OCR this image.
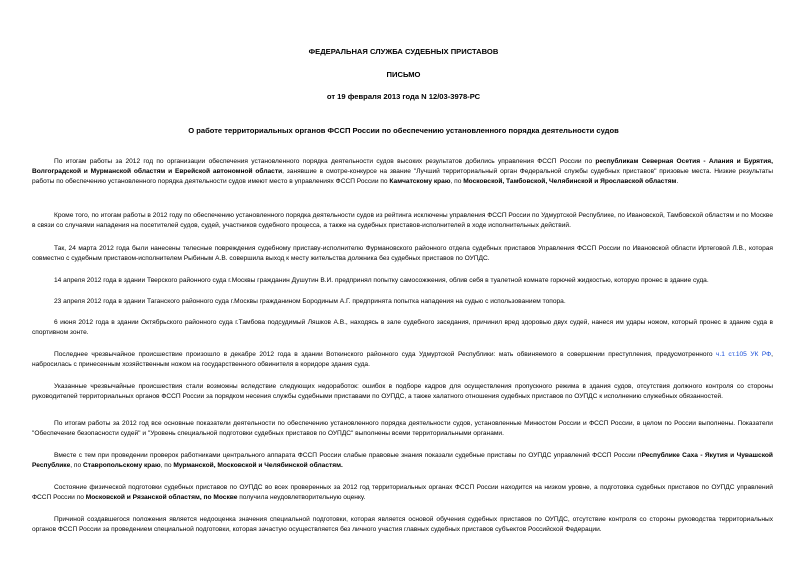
ФЕДЕРАЛЬНАЯ СЛУЖБА СУДЕБНЫХ ПРИСТАВОВ
ПИСЬМО
от 19 февраля 2013 года N 12/03-3978-РС
О работе территориальных органов ФССП России по обеспечению установленного порядка деятельности судов
По итогам работы за 2012 год по организации обеспечения установленного порядка деятельности судов высоких результатов добились управления ФССП России по республикам Северная Осетия - Алания и Бурятия, Волгоградской и Мурманской областям и Еврейской автономной области, занявшие в смотре-конкурсе на звание "Лучший территориальный орган Федеральной службы судебных приставов" призовые места. Низкие результаты работы по обеспечению установленного порядка деятельности судов имеют место в управлениях ФССП России по Камчатскому краю, по Московской, Тамбовской, Челябинской и Ярославской областям.
Кроме того, по итогам работы в 2012 году по обеспечению установленного порядка деятельности судов из рейтинга исключены управления ФССП России по Удмуртской Республике, по Ивановской, Тамбовской областям и по Москве в связи со случаями нападения на посетителей судов, судей, участников судебного процесса, а также на судебных приставов-исполнителей в ходе исполнительных действий.
Так, 24 марта 2012 года были нанесены телесные повреждения судебному приставу-исполнителю Фурмановского районного отдела судебных приставов Управления ФССП России по Ивановской области Иртеговой Л.В., которая совместно с судебным приставом-исполнителем Рыбиным А.В. совершила выход к месту жительства должника без судебных приставов по ОУПДС.
14 апреля 2012 года в здании Тверского районного суда г.Москвы гражданин Душутин В.И. предпринял попытку самосожжения, облив себя в туалетной комнате горючей жидкостью, которую пронес в здание суда.
23 апреля 2012 года в здании Таганского районного суда г.Москвы гражданином Бородиным А.Г. предпринята попытка нападения на судью с использованием топора.
6 июня 2012 года в здании Октябрьского районного суда г.Тамбова подсудимый Ляшков А.В., находясь в зале судебного заседания, причинил вред здоровью двух судей, нанеся им удары ножом, который пронес в здание суда в спортивном зонте.
Последнее чрезвычайное происшествие произошло в декабре 2012 года в здании Воткинского районного суда Удмуртской Республики: мать обвиняемого в совершении преступления, предусмотренного ч.1 ст.105 УК РФ, набросилась с принесенным хозяйственным ножом на государственного обвинителя в коридоре здания суда.
Указанные чрезвычайные происшествия стали возможны вследствие следующих недоработок: ошибок в подборе кадров для осуществления пропускного режима в здания судов, отсутствия должного контроля со стороны руководителей территориальных органов ФССП России за порядком несения службы судебными приставами по ОУПДС, а также халатного отношения судебных приставов по ОУПДС к исполнению служебных обязанностей.
По итогам работы за 2012 год все основные показатели деятельности по обеспечению установленного порядка деятельности судов, установленные Минюстом России и ФССП России, в целом по России выполнены. Показатели "Обеспечение безопасности судей" и "Уровень специальной подготовки судебных приставов по ОУПДС" выполнены всеми территориальными органами.
Вместе с тем при проведении проверок работниками центрального аппарата ФССП России слабые правовые знания показали судебные приставы по ОУПДС управлений ФССП России пРеспублике Саха - Якутия и Чувашской Республике, по Ставропольскому краю, по Мурманской, Московской и Челябинской областям.
Состояние физической подготовки судебных приставов по ОУПДС во всех проверенных за 2012 год территориальных органах ФССП России находится на низком уровне, а подготовка судебных приставов по ОУПДС управлений ФССП России по Московской и Рязанской областям, по Москве получила неудовлетворительную оценку.
Причиной создавшегося положения является недооценка значения специальной подготовки, которая является основой обучения судебных приставов по ОУПДС, отсутствие контроля со стороны руководства территориальных органов ФССП России за проведением специальной подготовки, которая зачастую осуществляется без личного участия главных судебных приставов субъектов Российской Федерации.
